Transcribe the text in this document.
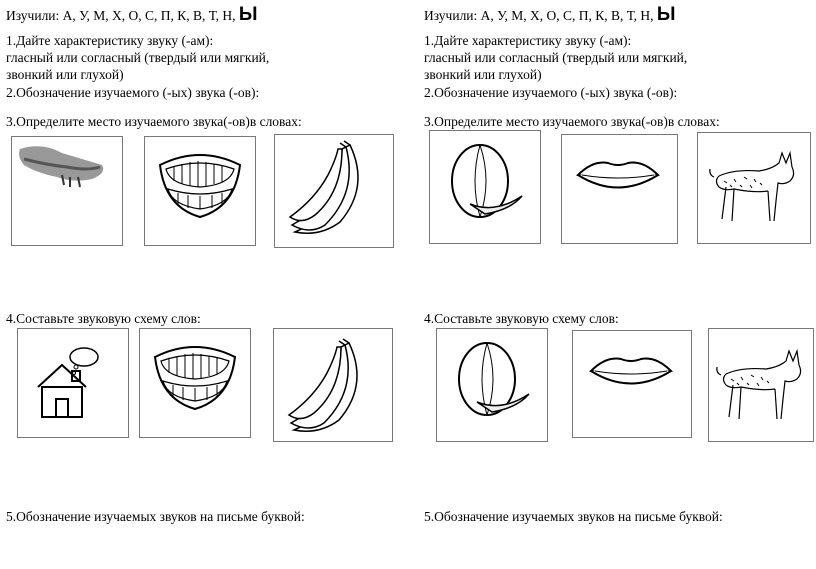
Изучили: А, У, М, Х, О, С, П, К, В, Т, Н, Ы
1.Дайте характеристику звуку (-ам):
гласный или согласный (твердый или мягкий,
звонкий или глухой)
2.Обозначение изучаемого (-ых) звука (-ов):
3.Определите место изучаемого звука(-ов)в словах:
4.Составьте звуковую схему слов:
5.Обозначение изучаемых звуков на письме буквой:
Изучили: А, У, М, Х, О, С, П, К, В, Т, Н, Ы
1.Дайте характеристику звуку (-ам):
гласный или согласный (твердый или мягкий,
звонкий или глухой)
2.Обозначение изучаемого (-ых) звука (-ов):
3.Определите место изучаемого звука(-ов)в словах:
4.Составьте звуковую схему слов:
5.Обозначение изучаемых звуков на письме буквой:
